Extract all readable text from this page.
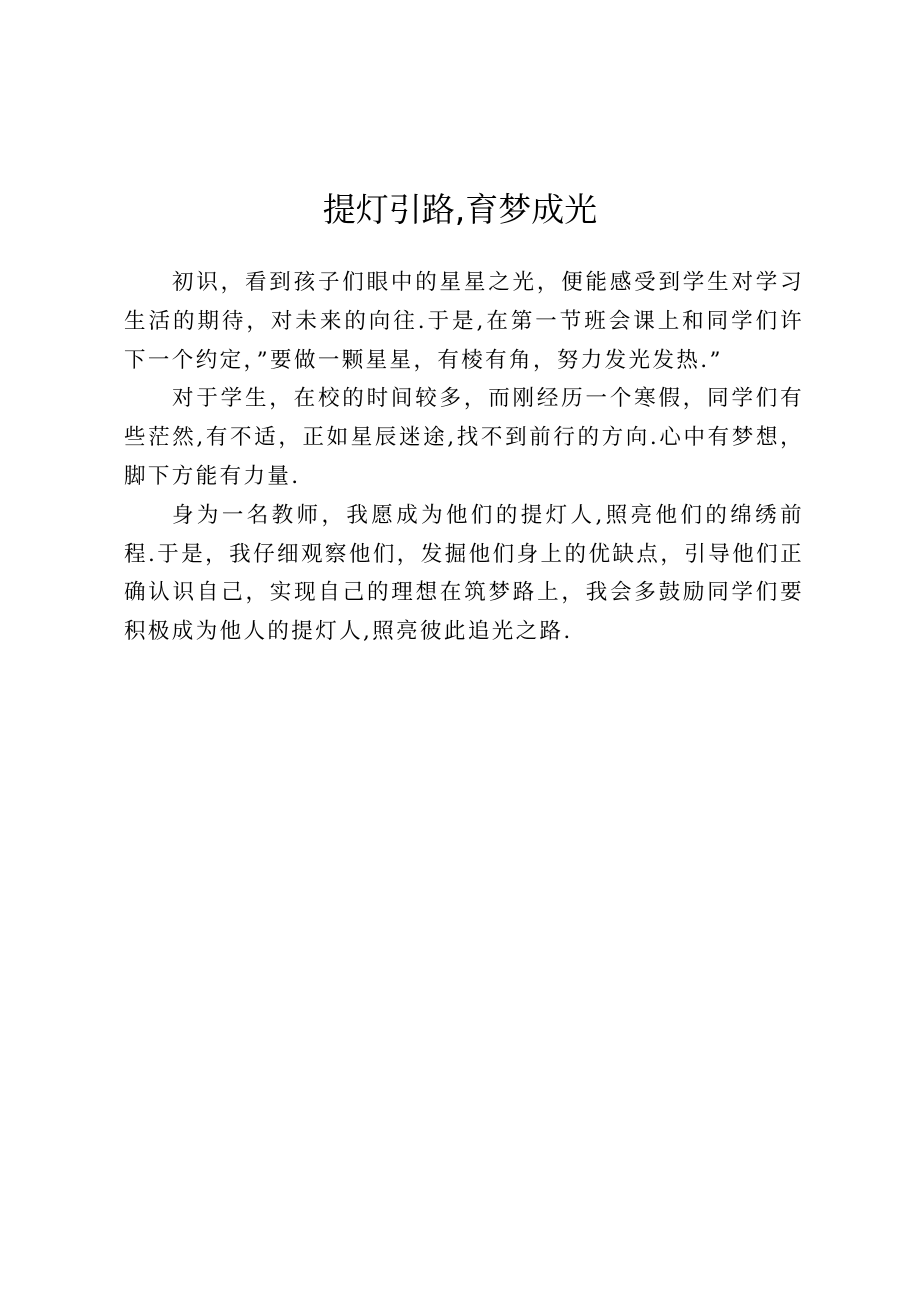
提灯引路,育梦成光

初识，看到孩子们眼中的星星之光，便能感受到学生对学习生活的期待，对未来的向往.于是,在第一节班会课上和同学们许下一个约定，”要做一颗星星，有棱有角，努力发光发热.”

对于学生，在校的时间较多，而刚经历一个寒假，同学们有些茫然,有不适，正如星辰迷途,找不到前行的方向.心中有梦想，脚下方能有力量.

身为一名教师，我愿成为他们的提灯人,照亮他们的绵绣前程.于是，我仔细观察他们，发掘他们身上的优缺点，引导他们正确认识自己，实现自己的理想在筑梦路上，我会多鼓励同学们要积极成为他人的提灯人,照亮彼此追光之路.
